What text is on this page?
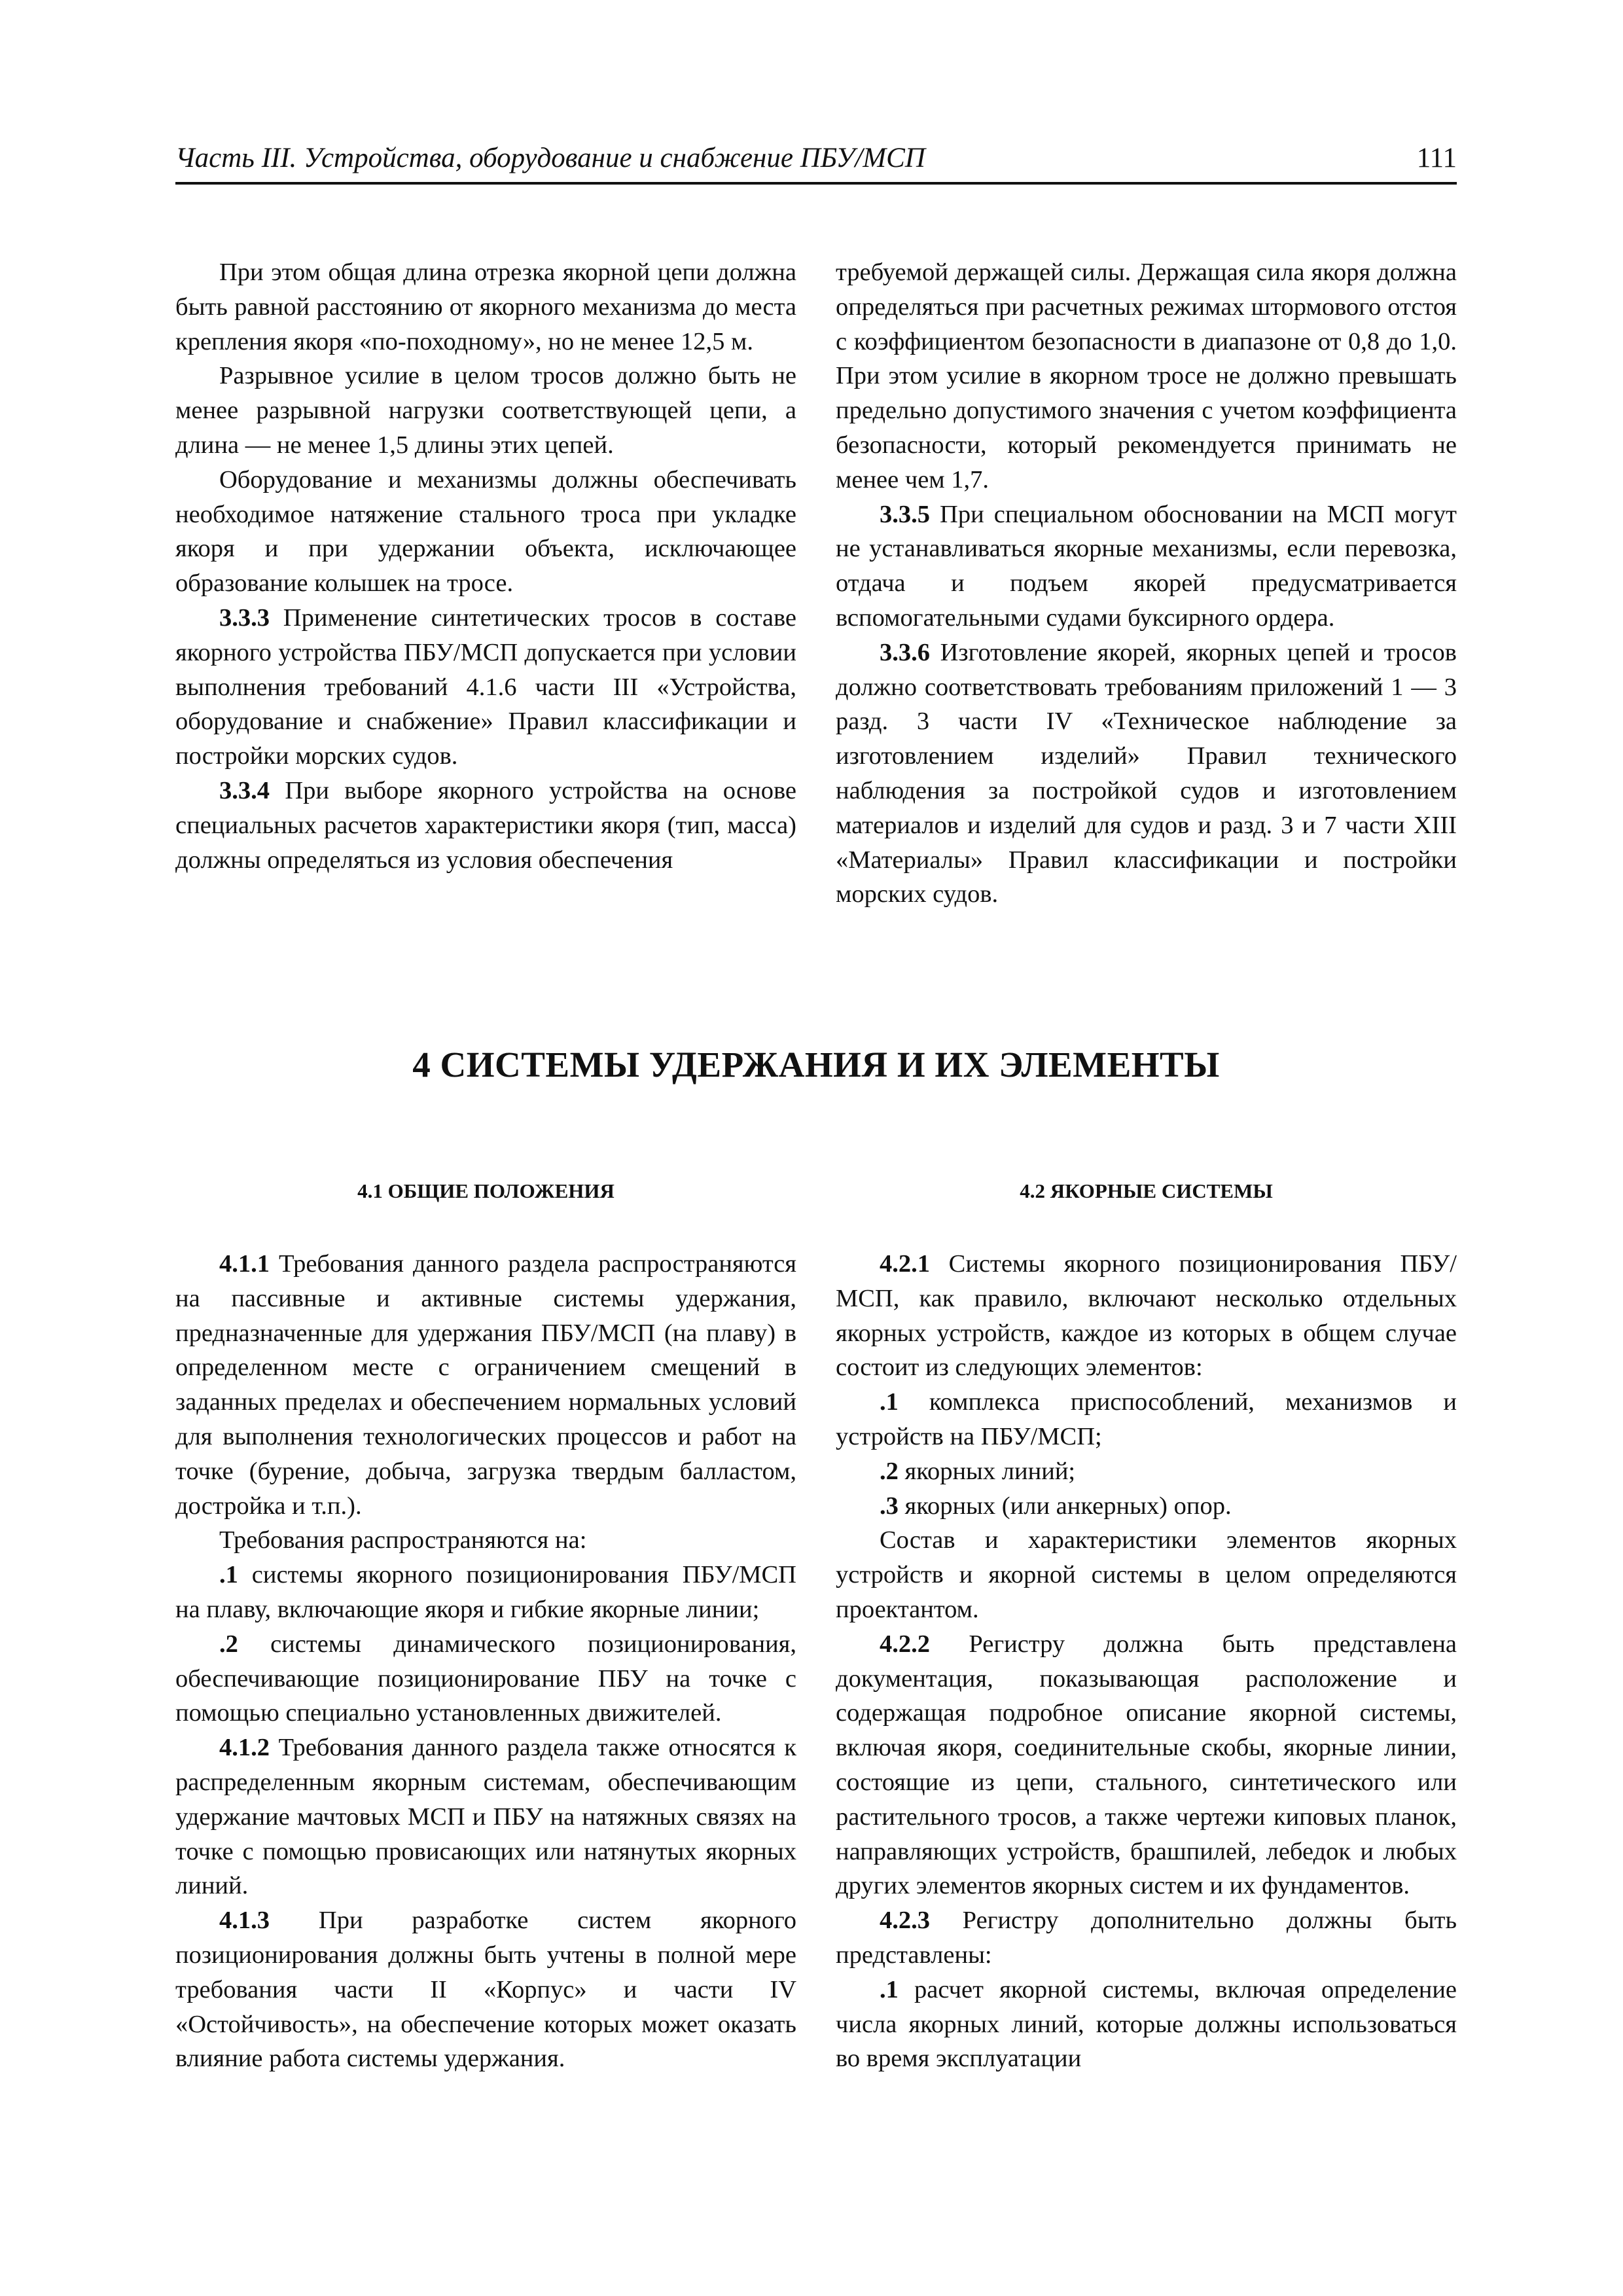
Часть III. Устройства, оборудование и снабжение ПБУ/МСП	111

При этом общая длина отрезка якорной цепи должна быть равной расстоянию от якорного механизма до места крепления якоря «по-походному», но не менее 12,5 м.

Разрывное усилие в целом тросов должно быть не менее разрывной нагрузки соответствующей цепи, а длина — не менее 1,5 длины этих цепей.

Оборудование и механизмы должны обеспечивать необходимое натяжение стального троса при укладке якоря и при удержании объекта, исключающее образование колышек на тросе.

3.3.3 Применение синтетических тросов в составе якорного устройства ПБУ/МСП допускается при условии выполнения требований 4.1.6 части III «Устройства, оборудование и снабжение» Правил классификации и постройки морских судов.

3.3.4 При выборе якорного устройства на основе специальных расчетов характеристики якоря (тип, масса) должны определяться из условия обеспечения

требуемой держащей силы. Держащая сила якоря должна определяться при расчетных режимах штормового отстоя с коэффициентом безопасности в диапазоне от 0,8 до 1,0. При этом усилие в якорном тросе не должно превышать предельно допустимого значения с учетом коэффициента безопасности, который рекомендуется принимать не менее чем 1,7.

3.3.5 При специальном обосновании на МСП могут не устанавливаться якорные механизмы, если перевозка, отдача и подъем якорей предусматривается вспомогательными судами буксирного ордера.

3.3.6 Изготовление якорей, якорных цепей и тросов должно соответствовать требованиям приложений 1 — 3 разд. 3 части IV «Техническое наблюдение за изготовлением изделий» Правил технического наблюдения за постройкой судов и изготовлением материалов и изделий для судов и разд. 3 и 7 части XIII «Материалы» Правил классификации и постройки морских судов.

4 СИСТЕМЫ УДЕРЖАНИЯ И ИХ ЭЛЕМЕНТЫ
4.1 ОБЩИЕ ПОЛОЖЕНИЯ	4.2 ЯКОРНЫЕ СИСТЕМЫ

4.1.1 Требования данного раздела распространяются на пассивные и активные системы удержания, предназначенные для удержания ПБУ/МСП (на плаву) в определенном месте с ограничением смещений в заданных пределах и обеспечением нормальных условий для выполнения технологических процессов и работ на точке (бурение, добыча, загрузка твердым балластом, достройка и т.п.).

Требования распространяются на:

.1 системы якорного позиционирования ПБУ/МСП на плаву, включающие якоря и гибкие якорные линии;

.2 системы динамического позиционирования, обеспечивающие позиционирование ПБУ на точке с помощью специально установленных движителей.

4.1.2 Требования данного раздела также относятся к распределенным якорным системам, обеспечивающим удержание мачтовых МСП и ПБУ на натяжных связях на точке с помощью провисающих или натянутых якорных линий.

4.1.3 При разработке систем якорного позиционирования должны быть учтены в полной мере требования части II «Корпус» и части IV «Остойчивость», на обеспечение которых может оказать влияние работа системы удержания.

4.2.1 Системы якорного позиционирования ПБУ/МСП, как правило, включают несколько отдельных якорных устройств, каждое из которых в общем случае состоит из следующих элементов:

.1 комплекса приспособлений, механизмов и устройств на ПБУ/МСП;

.2 якорных линий;

.3 якорных (или анкерных) опор.

Состав и характеристики элементов якорных устройств и якорной системы в целом определяются проектантом.

4.2.2 Регистру должна быть представлена документация, показывающая расположение и содержащая подробное описание якорной системы, включая якоря, соединительные скобы, якорные линии, состоящие из цепи, стального, синтетического или растительного тросов, а также чертежи киповых планок, направляющих устройств, брашпилей, лебедок и любых других элементов якорных систем и их фундаментов.

4.2.3 Регистру дополнительно должны быть представлены:

.1 расчет якорной системы, включая определение числа якорных линий, которые должны использоваться во время эксплуатации
